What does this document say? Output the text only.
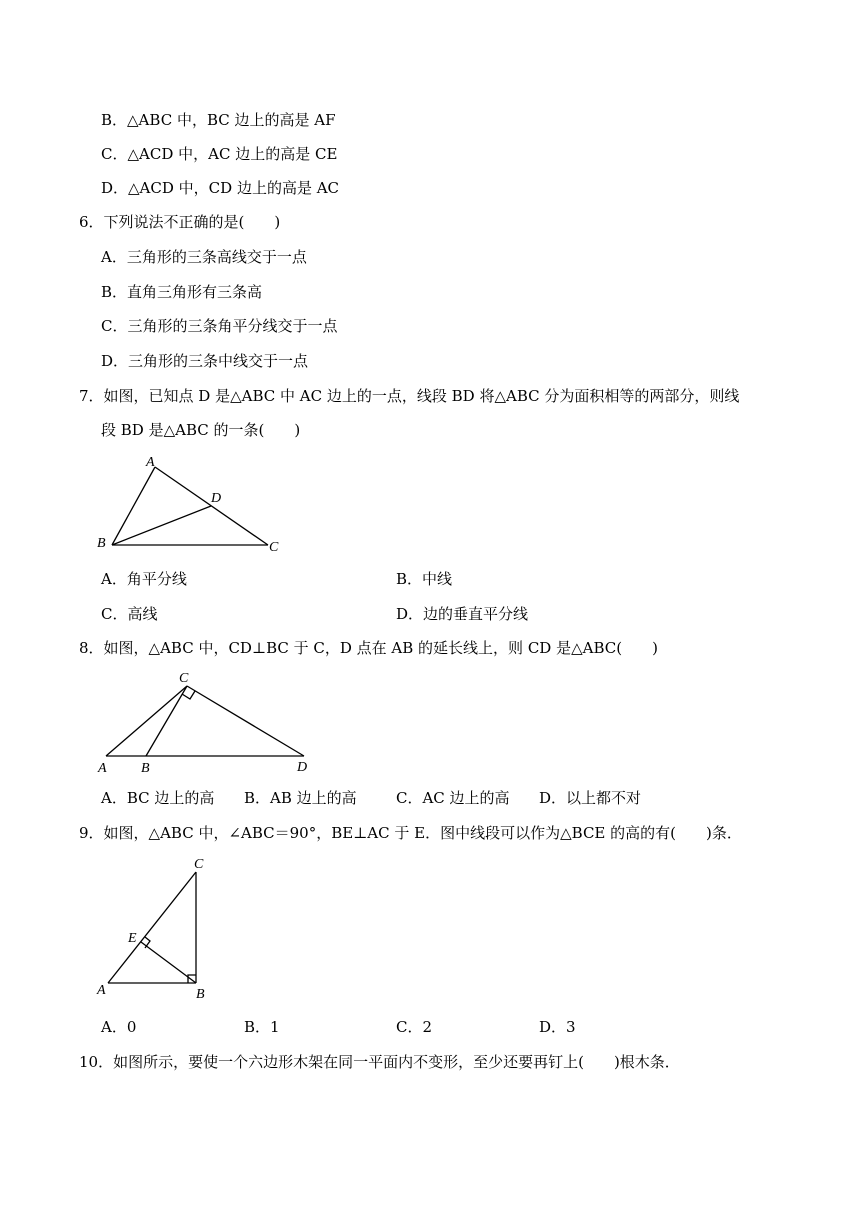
B．△ABC 中，BC 边上的高是 AF
C．△ACD 中，AC 边上的高是 CE
D．△ACD 中，CD 边上的高是 AC
6．下列说法不正确的是(　　)
A．三角形的三条高线交于一点
B．直角三角形有三条高
C．三角形的三条角平分线交于一点
D．三角形的三条中线交于一点
7．如图，已知点 D 是△ABC 中 AC 边上的一点，线段 BD 将△ABC 分为面积相等的两部分，则线
段 BD 是△ABC 的一条(　　)
A
B	C
D
A．角平分线	B．中线
C．高线	D．边的垂直平分线
8．如图，△ABC 中，CD⊥BC 于 C，D 点在 AB 的延长线上，则 CD 是△ABC(　　)
A B
C
D
A．BC 边上的高 B．AB 边上的高	C．AC 边上的高 D．以上都不对
9．如图，△ABC 中，∠ABC＝90°，BE⊥AC 于 E．图中线段可以作为△BCE 的高的有(　　)条．
A	B
C
E
A．0	B．1	C．2	D．3
10．如图所示，要使一个六边形木架在同一平面内不变形，至少还要再钉上(　　)根木条．
